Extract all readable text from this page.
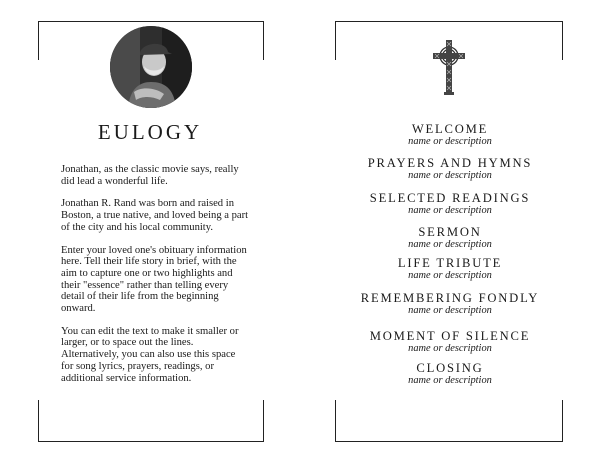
EULOGY

Jonathan, as the classic movie says, really did lead a wonderful life.

Jonathan R. Rand was born and raised in Boston, a true native, and loved being a part of the city and his local community.

Enter your loved one's obituary information here. Tell their life story in brief, with the aim to capture one or two highlights and their "essence" rather than telling every detail of their life from the beginning onward.

You can edit the text to make it smaller or larger, or to space out the lines. Alternatively, you can also use this space for song lyrics, prayers, readings, or additional service information.

WELCOME
name or description
PRAYERS AND HYMNS
name or description
SELECTED READINGS
name or description
SERMON
name or description
LIFE TRIBUTE
name or description
REMEMBERING FONDLY
name or description
MOMENT OF SILENCE
name or description
CLOSING
name or description
